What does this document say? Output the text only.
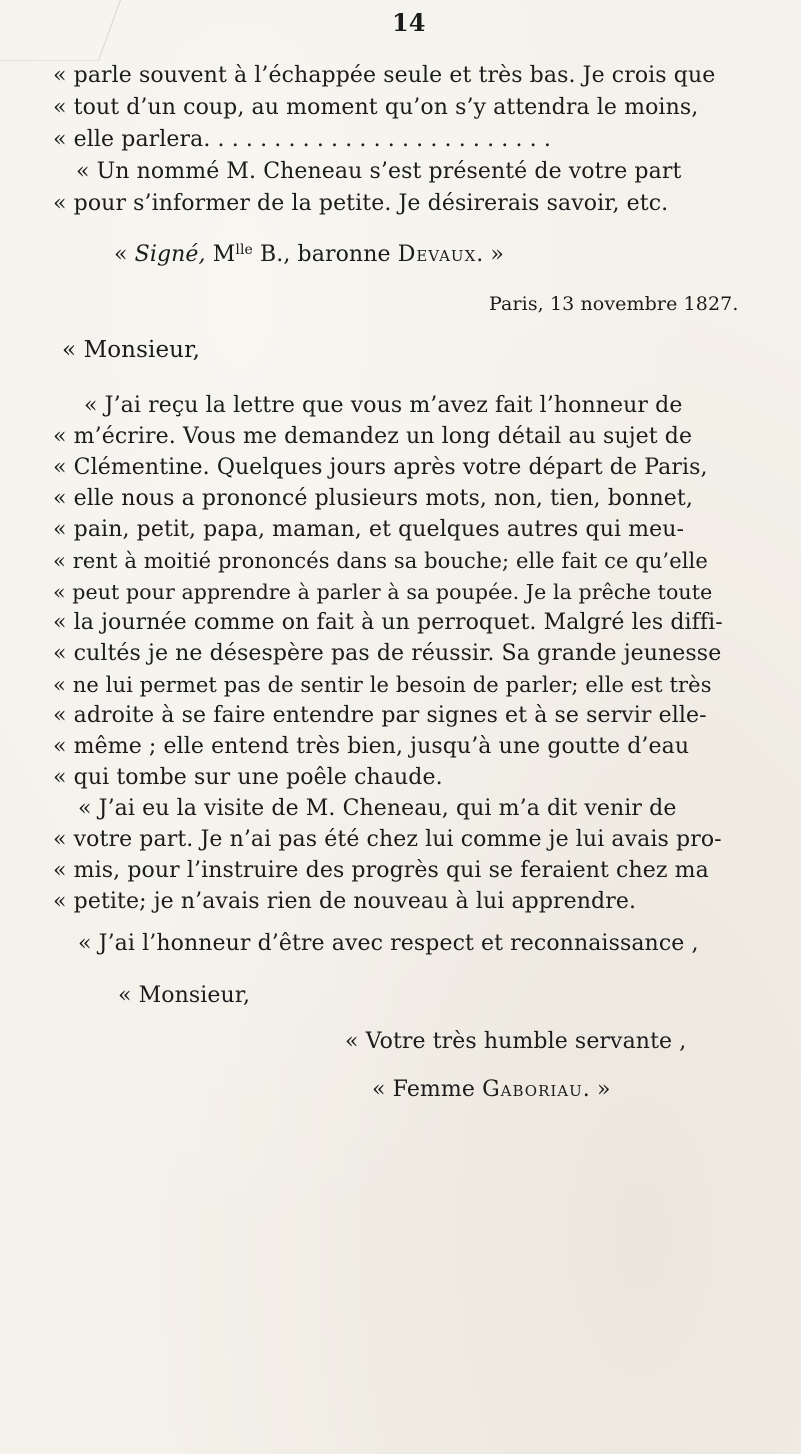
14
« parle souvent à l’échappée seule et très bas. Je crois que
« tout d’un coup, au moment qu’on s’y attendra le moins,
« elle parlera. . . . . . . . . . . . . . . . . . . . . . . . .
« Un nommé M. Cheneau s’est présenté de votre part
« pour s’informer de la petite. Je désirerais savoir, etc.
« Signé, $M^{lle}$ B., baronne Devaux. »
Paris, 13 novembre 1827.
« Monsieur,
« J’ai reçu la lettre que vous m’avez fait l’honneur de
« m’écrire. Vous me demandez un long détail au sujet de
« Clémentine. Quelques jours après votre départ de Paris,
« elle nous a prononcé plusieurs mots, non, tien, bonnet,
« pain, petit, papa, maman, et quelques autres qui meu-
« rent à moitié prononcés dans sa bouche; elle fait ce qu’elle
« peut pour apprendre à parler à sa poupée. Je la prêche toute
« la journée comme on fait à un perroquet. Malgré les diffi-
« cultés je ne désespère pas de réussir. Sa grande jeunesse
« ne lui permet pas de sentir le besoin de parler; elle est très
« adroite à se faire entendre par signes et à se servir elle-
« même ; elle entend très bien, jusqu’à une goutte d’eau
« qui tombe sur une poêle chaude.
« J’ai eu la visite de M. Cheneau, qui m’a dit venir de
« votre part. Je n’ai pas été chez lui comme je lui avais pro-
« mis, pour l’instruire des progrès qui se feraient chez ma
« petite; je n’avais rien de nouveau à lui apprendre.
« J’ai l’honneur d’être avec respect et reconnaissance ,
« Monsieur,
« Votre très humble servante ,
« Femme Gaboriau. »
